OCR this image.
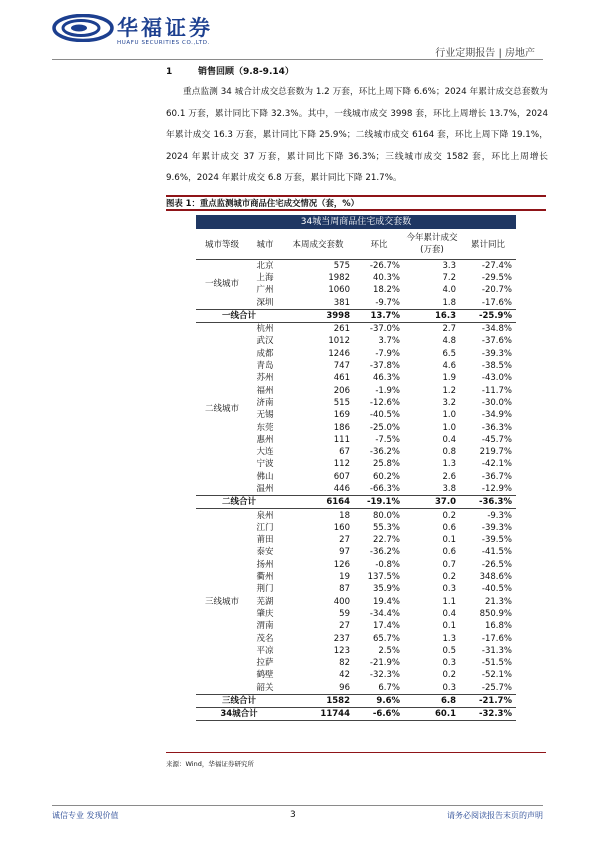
华福证券
HUAFU SECURITIES CO.,LTD.
行业定期报告 | 房地产
1	销售回顾（9.8-9.14）

重点监测 34 城合计成交总套数为 1.2 万套，环比上周下降 6.6%；2024 年累计成交总套数为 60.1 万套，累计同比下降 32.3%。其中，一线城市成交 3998 套，环比上周增长 13.7%，2024 年累计成交 16.3 万套，累计同比下降 25.9%；二线城市成交 6164 套，环比上周下降 19.1%，2024 年累计成交 37 万套，累计同比下降 36.3%；三线城市成交 1582 套，环比上周增长 9.6%，2024 年累计成交 6.8 万套，累计同比下降 21.7%。

图表 1：重点监测城市商品住宅成交情况（套，%）
34城当周商品住宅成交套数
城市等级	城市	本周成交套数	环比	今年累计成交(万套)	累计同比
一线城市	北京	575	-26.7%	3.3	-27.4%
	上海	1982	40.3%	7.2	-29.5%
	广州	1060	18.2%	4.0	-20.7%
	深圳	381	-9.7%	1.8	-17.6%
一线合计		3998	13.7%	16.3	-25.9%
二线城市	杭州	261	-37.0%	2.7	-34.8%
	武汉	1012	3.7%	4.8	-37.6%
	成都	1246	-7.9%	6.5	-39.3%
	青岛	747	-37.8%	4.6	-38.5%
	苏州	461	46.3%	1.9	-43.0%
	福州	206	-1.9%	1.2	-11.7%
	济南	515	-12.6%	3.2	-30.0%
	无锡	169	-40.5%	1.0	-34.9%
	东莞	186	-25.0%	1.0	-36.3%
	惠州	111	-7.5%	0.4	-45.7%
	大连	67	-36.2%	0.8	219.7%
	宁波	112	25.8%	1.3	-42.1%
	佛山	607	60.2%	2.6	-36.7%
	温州	446	-66.3%	3.8	-12.9%
二线合计		6164	-19.1%	37.0	-36.3%
三线城市	泉州	18	80.0%	0.2	-9.3%
	江门	160	55.3%	0.6	-39.3%
	莆田	27	22.7%	0.1	-39.5%
	泰安	97	-36.2%	0.6	-41.5%
	扬州	126	-0.8%	0.7	-26.5%
	衢州	19	137.5%	0.2	348.6%
	荆门	87	35.9%	0.3	-40.5%
	芜湖	400	19.4%	1.1	21.3%
	肇庆	59	-34.4%	0.4	850.9%
	渭南	27	17.4%	0.1	16.8%
	茂名	237	65.7%	1.3	-17.6%
	平凉	123	2.5%	0.5	-31.3%
	拉萨	82	-21.9%	0.3	-51.5%
	鹤壁	42	-32.3%	0.2	-52.1%
	韶关	96	6.7%	0.3	-25.7%
三线合计		1582	9.6%	6.8	-21.7%
34城合计		11744	-6.6%	60.1	-32.3%
来源：Wind，华福证券研究所
诚信专业 发现价值	3	请务必阅读报告末页的声明
